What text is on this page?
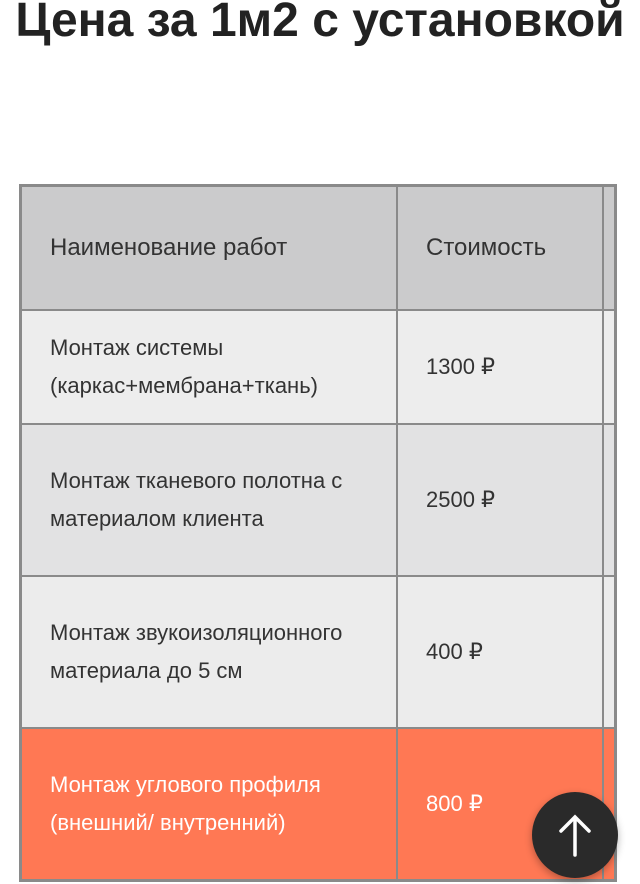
Цена за 1м2 с установкой
Наименование работ	Стоимость	
Монтаж системы (каркас+мембрана+ткань)	1300 ₽	
Монтаж тканевого полотна с материалом клиента	2500 ₽	
Монтаж звукоизоляционного материала до 5 см	400 ₽	
Монтаж углового профиля (внешний/ внутренний)	800 ₽	
